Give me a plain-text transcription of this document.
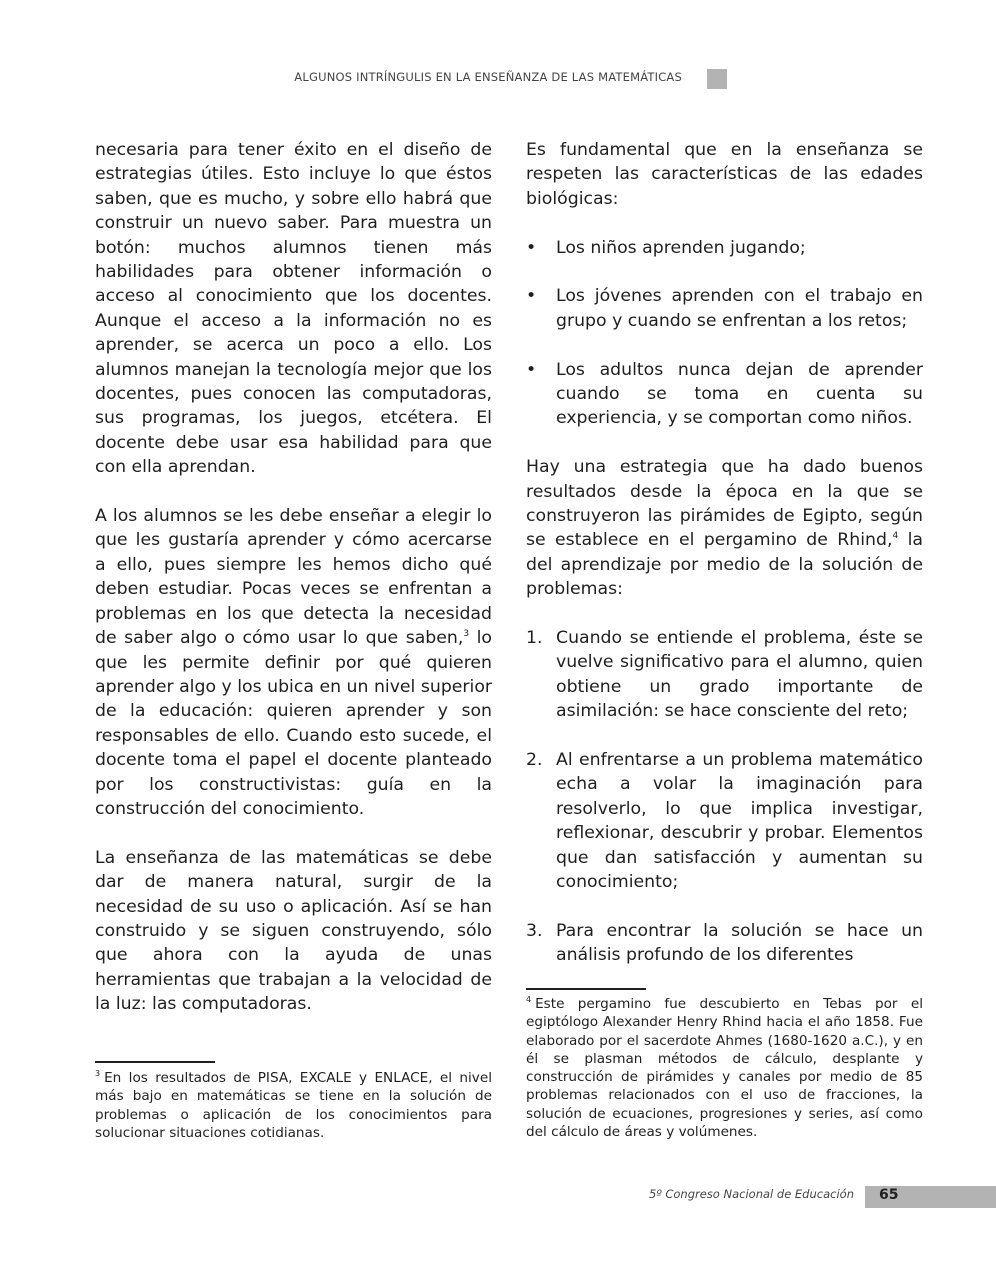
ALGUNOS INTRÍNGULIS EN LA ENSEÑANZA DE LAS MATEMÁTICAS

necesaria para tener éxito en el diseño de estrategias útiles. Esto incluye lo que éstos saben, que es mucho, y sobre ello habrá que construir un nuevo saber. Para muestra un botón: muchos alumnos tienen más habilidades para obtener información o acceso al conocimiento que los docentes. Aunque el acceso a la información no es aprender, se acerca un poco a ello. Los alumnos manejan la tecnología mejor que los docentes, pues conocen las computadoras, sus programas, los juegos, etcétera. El docente debe usar esa habilidad para que con ella aprendan.

A los alumnos se les debe enseñar a elegir lo que les gustaría aprender y cómo acercarse a ello, pues siempre les hemos dicho qué deben estudiar. Pocas veces se enfrentan a problemas en los que detecta la necesidad de saber algo o cómo usar lo que saben,$^3$ lo que les permite definir por qué quieren aprender algo y los ubica en un nivel superior de la educación: quieren aprender y son responsables de ello. Cuando esto sucede, el docente toma el papel el docente planteado por los constructivistas: guía en la construcción del conocimiento.

La enseñanza de las matemáticas se debe dar de manera natural, surgir de la necesidad de su uso o aplicación. Así se han construido y se siguen construyendo, sólo que ahora con la ayuda de unas herramientas que trabajan a la velocidad de la luz: las computadoras.

Es fundamental que en la enseñanza se respeten las características de las edades biológicas:

• Los niños aprenden jugando;
• Los jóvenes aprenden con el trabajo en grupo y cuando se enfrentan a los retos;
• Los adultos nunca dejan de aprender cuando se toma en cuenta su experiencia, y se comportan como niños.

Hay una estrategia que ha dado buenos resultados desde la época en la que se construyeron las pirámides de Egipto, según se establece en el pergamino de Rhind,$^4$ la del aprendizaje por medio de la solución de problemas:

1. Cuando se entiende el problema, éste se vuelve significativo para el alumno, quien obtiene un grado importante de asimilación: se hace consciente del reto;
2. Al enfrentarse a un problema matemático echa a volar la imaginación para resolverlo, lo que implica investigar, reflexionar, descubrir y probar. Elementos que dan satisfacción y aumentan su conocimiento;
3. Para encontrar la solución se hace un análisis profundo de los diferentes

$^3$ En los resultados de PISA, EXCALE y ENLACE, el nivel más bajo en matemáticas se tiene en la solución de problemas o aplicación de los conocimientos para solucionar situaciones cotidianas.

$^4$ Este pergamino fue descubierto en Tebas por el egiptólogo Alexander Henry Rhind hacia el año 1858. Fue elaborado por el sacerdote Ahmes (1680-1620 a.C.), y en él se plasman métodos de cálculo, desplante y construcción de pirámides y canales por medio de 85 problemas relacionados con el uso de fracciones, la solución de ecuaciones, progresiones y series, así como del cálculo de áreas y volúmenes.

5º Congreso Nacional de Educación 65
